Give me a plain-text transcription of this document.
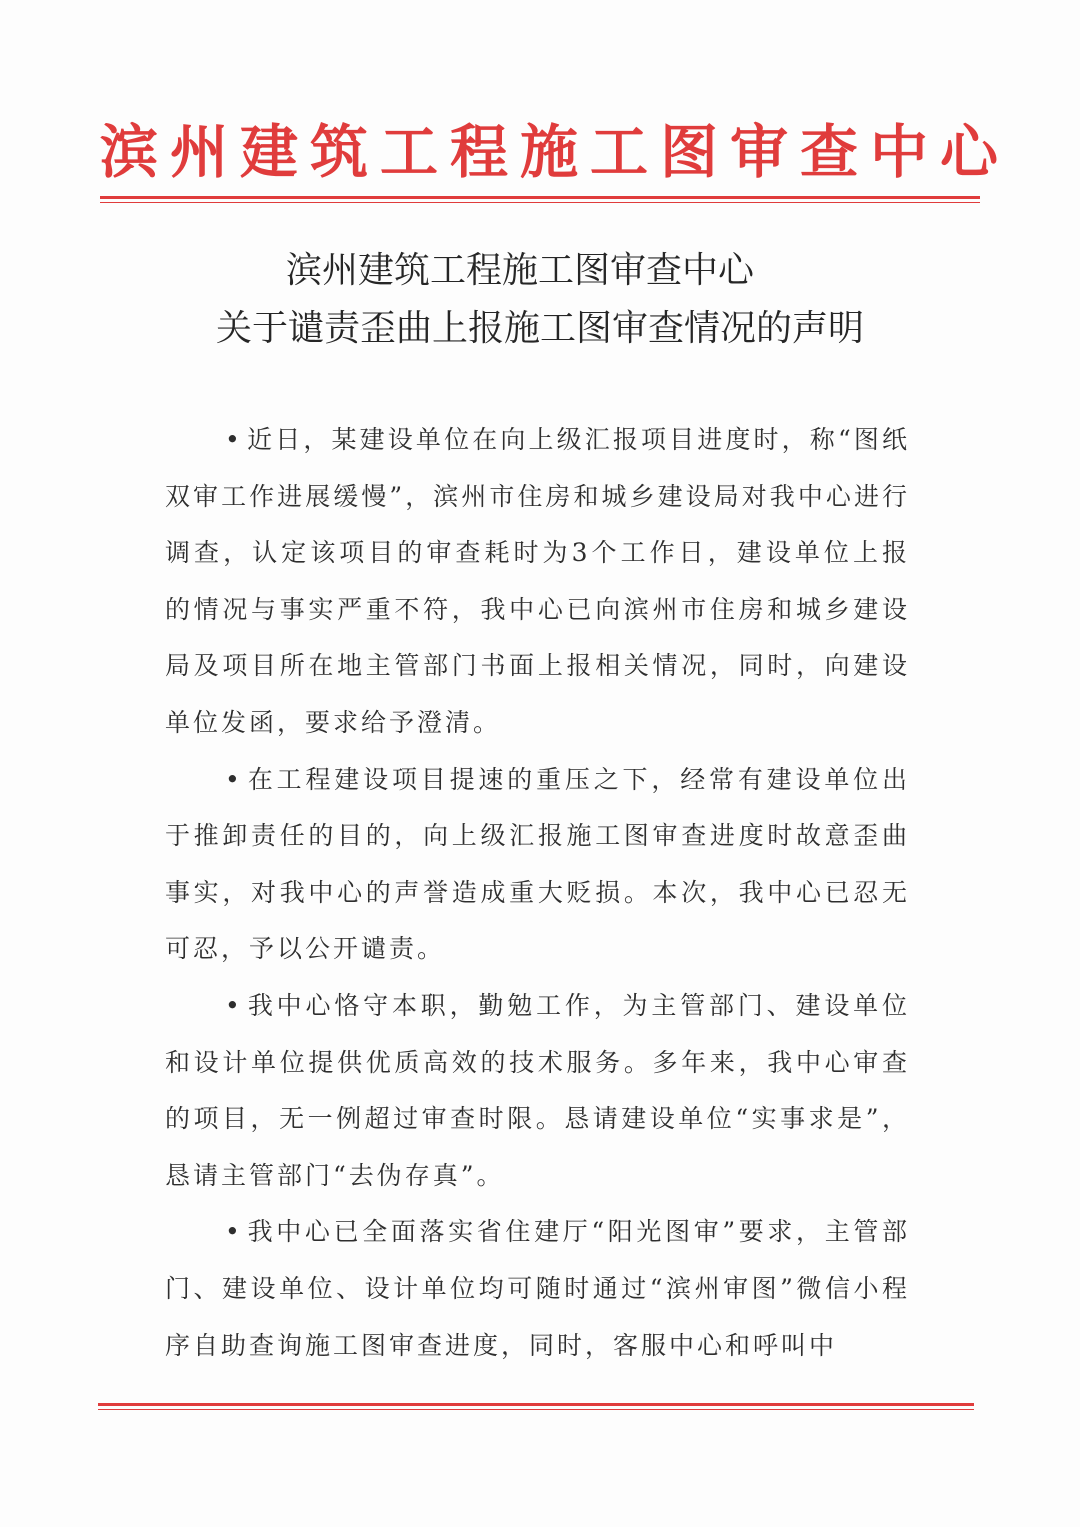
滨州建筑工程施工图审查中心
滨州建筑工程施工图审查中心
关于谴责歪曲上报施工图审查情况的声明

• 近日，某建设单位在向上级汇报项目进度时，称“图纸双审工作进展缓慢”，滨州市住房和城乡建设局对我中心进行调查，认定该项目的审查耗时为3个工作日，建设单位上报的情况与事实严重不符，我中心已向滨州市住房和城乡建设局及项目所在地主管部门书面上报相关情况，同时，向建设单位发函，要求给予澄清。

• 在工程建设项目提速的重压之下，经常有建设单位出于推卸责任的目的，向上级汇报施工图审查进度时故意歪曲事实，对我中心的声誉造成重大贬损。本次，我中心已忍无可忍，予以公开谴责。

• 我中心恪守本职，勤勉工作，为主管部门、建设单位和设计单位提供优质高效的技术服务。多年来，我中心审查的项目，无一例超过审查时限。恳请建设单位“实事求是”，恳请主管部门“去伪存真”。

• 我中心已全面落实省住建厅“阳光图审”要求，主管部门、建设单位、设计单位均可随时通过“滨州审图”微信小程序自助查询施工图审查进度，同时，客服中心和呼叫中
